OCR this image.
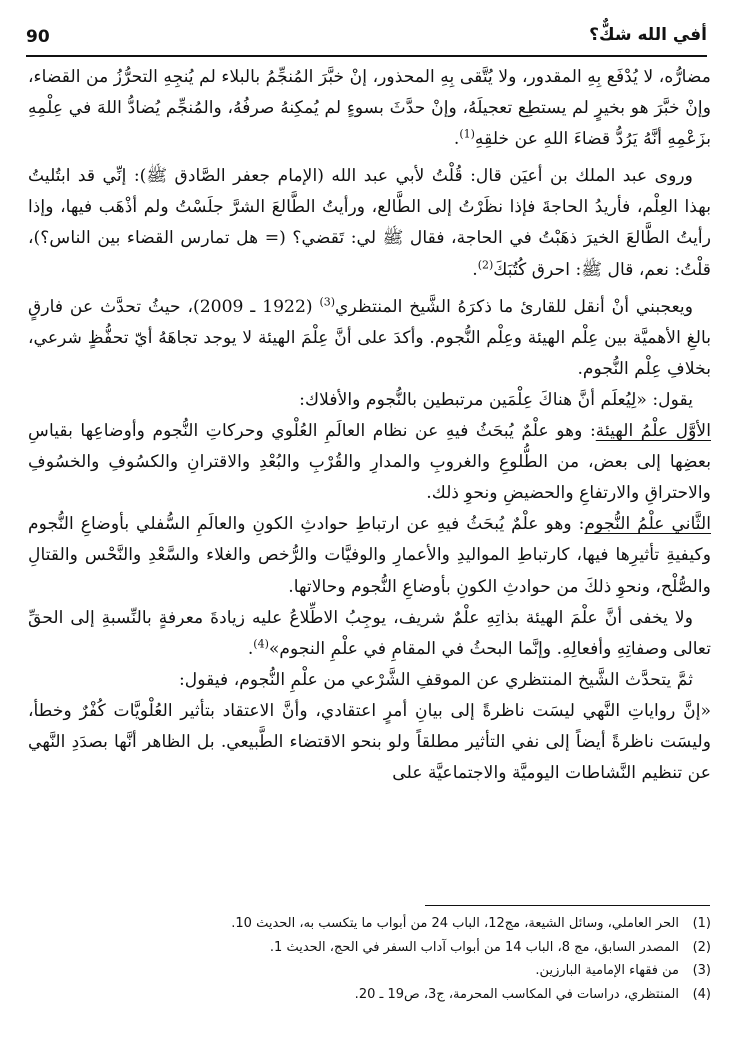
90	أفي الله شكٌّ؟

مضارُّه، لا يُدْفَع بِهِ المقدور، ولا يُتَّقى بِهِ المحذور، إنْ خبَّرَ المُنجِّمُ بالبلاء لم يُنجِهِ التحرُّزُ من القضاء، وإنْ خبَّرَ هو بخيرٍ لم يستطِع تعجيلَهُ، وإنْ حدَّثَ بسوءٍ لم يُمكِنهُ صرفُهُ، والمُنجِّم يُضادُّ اللهَ في عِلْمِهِ بزَعْمِهِ أنَّهُ يَرُدُّ قضاءَ اللهِ عن خلقِهِ$^{(1)}$.

وروى عبد الملك بن أعيَن قال: قُلْتُ لأبي عبد الله (الإمام جعفر الصَّادق ﷺ): إنِّي قد ابتُليتُ بهذا العِلْم، فأريدُ الحاجةَ فإذا نظَرْتُ إلى الطَّالع، ورأيتُ الطَّالعَ الشرَّ جلَسْتُ ولم أذْهَب فيها، وإذا رأيتُ الطَّالعَ الخيرَ ذهَبْتُ في الحاجة، فقال ﷺ لي: تَقضي؟ (= هل تمارس القضاء بين الناس؟)، قلْتُ: نعم، قال ﷺ: احرق كُتُبَكَ$^{(2)}$.

ويعجبني أنْ أنقل للقارئ ما ذكرَهُ الشَّيخ المنتظري$^{(3)}$ (1922 ـ 2009)، حيثُ تحدَّث عن فارقٍ بالغِ الأهميَّة بين عِلْم الهيئة وعِلْم النُّجوم. وأكدَ على أنَّ عِلْمَ الهيئة لا يوجد تجاهَهُ أيّ تحفُّظٍ شرعي، بخلافِ عِلْم النُّجوم.

يقول: «لِيُعلَم أنَّ هناكَ عِلْمَين مرتبطين بالنُّجوم والأفلاك:

الأوَّل علْمُ الهيئة: وهو علْمٌ يُبحَثُ فيهِ عن نظام العالَمِ العُلْوي وحركاتِ النُّجوم وأوضاعِها بقياسِ بعضِها إلى بعض، من الطُّلوعِ والغروبِ والمدارِ والقُرْبِ والبُعْدِ والاقترانِ والكسُوفِ والخسُوفِ والاحتراقِ والارتفاعِ والحضيضِ ونحوِ ذلك.

الثَّاني علْمُ النُّجوم: وهو علْمٌ يُبحَثُ فيهِ عن ارتباطِ حوادثِ الكونِ والعالَمِ السُّفلي بأوضاعِ النُّجوم وكيفيةِ تأثيرِها فيها، كارتباطِ المواليدِ والأعمارِ والوفيَّات والرُّخص والغلاء والسَّعْدِ والنَّحْس والقتالِ والصُّلْح، ونحوِ ذلكَ من حوادثِ الكونِ بأوضاعِ النُّجوم وحالاتها.

ولا يخفى أنَّ علْمَ الهيئة بذاتِهِ علْمٌ شريف، يوجِبُ الاطِّلاعُ عليه زيادةَ معرفةٍ بالنِّسبةِ إلى الحقِّ تعالى وصفاتِهِ وأفعالِهِ. وإنَّما البحثُ في المقامِ في علْمِ النجوم»$^{(4)}$.

ثمَّ يتحدَّث الشَّيخ المنتظري عن الموقفِ الشَّرْعي من علْمِ النُّجوم، فيقول:

«إنَّ رواياتِ النَّهي ليسَت ناظرةً إلى بيانِ أمرٍ اعتقادي، وأنَّ الاعتقاد بتأثير العُلْويَّات كُفْرٌ وخطأ، وليسَت ناظرةً أيضاً إلى نفي التأثير مطلقاً ولو بنحو الاقتضاء الطَّبيعي. بل الظاهر أنَّها بصدَدِ النَّهي عن تنظيم النَّشاطات اليوميَّة والاجتماعيَّة على

(1)
الحر العاملي، وسائل الشيعة، مج12، الباب 24 من أبواب ما يتكسب به، الحديث 10.
(2)
المصدر السابق، مج 8، الباب 14 من أبواب آداب السفر في الحج، الحديث 1.
(3)
من فقهاء الإمامية البارزين.
(4)
المنتظري، دراسات في المكاسب المحرمة، ج3، ص19 ـ 20.
